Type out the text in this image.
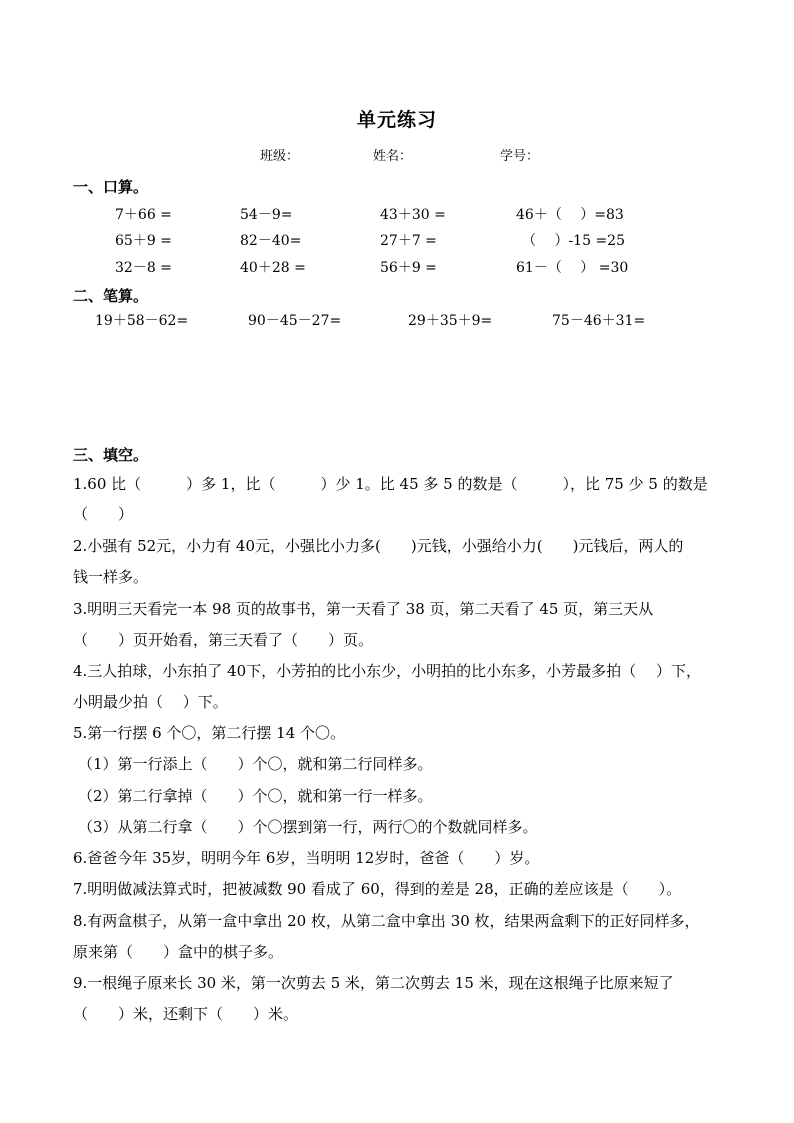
单元练习
班级：	姓名：	学号：
一、口算。
7＋66 =	54－9=	43＋30 =	46＋（　 ）=83
65＋9 =	82－40=	27＋7 =	（　 ）-15 =25
32－8 =	40＋28 =	56＋9 =	61－（　 ） =30
二、笔算。
19＋58－62=	90－45－27=	29＋35＋9=	75－46＋31=
三、填空。
1.60 比（　　　）多 1，比（　　　）少 1。比 45 多 5 的数是（　　　），比 75 少 5 的数是
（　　）
2.小强有 52元，小力有 40元，小强比小力多(　　)元钱，小强给小力(　　)元钱后，两人的
钱一样多。
3.明明三天看完一本 98 页的故事书，第一天看了 38 页，第二天看了 45 页，第三天从
（　　）页开始看，第三天看了（　　）页。
4.三人拍球，小东拍了 40下，小芳拍的比小东少，小明拍的比小东多，小芳最多拍（　 ）下，
小明最少拍（　 ）下。
5.第一行摆 6 个〇，第二行摆 14 个〇。
（1）第一行添上（　　）个〇，就和第二行同样多。
（2）第二行拿掉（　　）个〇，就和第一行一样多。
（3）从第二行拿（　　）个〇摆到第一行，两行〇的个数就同样多。
6.爸爸今年 35岁，明明今年 6岁，当明明 12岁时，爸爸（　　）岁。
7.明明做减法算式时，把被减数 90 看成了 60，得到的差是 28，正确的差应该是（　　）。
8.有两盒棋子，从第一盒中拿出 20 枚，从第二盒中拿出 30 枚，结果两盒剩下的正好同样多，
原来第（　　）盒中的棋子多。
9.一根绳子原来长 30 米，第一次剪去 5 米，第二次剪去 15 米，现在这根绳子比原来短了
（　　）米，还剩下（　　）米。
